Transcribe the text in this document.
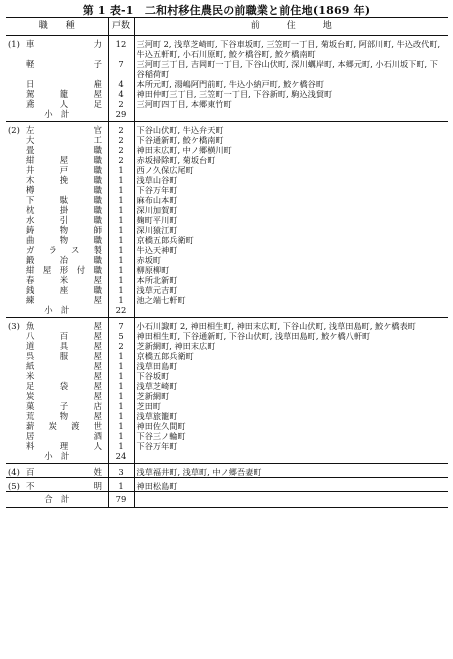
第 1 表-1　二和村移住農民の前職業と前住地(1869 年)
職　　種	戸数	前　　　住　　　地
(1) 車　　力	12	三河町 2, 浅草芝崎町, 下谷車坂町, 三笠町一丁目, 菊坂台町, 阿部川町, 牛込改代町, 牛込五軒町, 小石川原町, 鮫ケ橋谷町, 鮫ケ橋南町
軽　　子	7	三河町三丁目, 吉岡町一丁目, 下谷山伏町, 深川蠣岸町, 本郷元町, 小石川坂下町, 下谷稲荷町
日　　雇	4	本所元町, 湯嶋阿門前町, 牛込小納戸町, 鮫ケ橋谷町
駕　籠　屋	4	神田仲町三丁目, 三笠町一丁目, 下谷新町, 駒込浅貿町
鳶　人　足	2	三河町四丁目, 本郷東竹町
小　計	29	
(2) 左　　官	2	下谷山伏町, 牛込弁天町
大　　工	2	下谷通新町, 鮫ケ橋南町
畳　　職	2	神田末広町, 中ノ郷横川町
紺　屋　職	2	赤坂掃除町, 菊坂台町
井　戸　職	1	西ノ久保広尾町
木　挽　職	1	浅草山谷町
樽　　職	1	下谷万年町
下　駄　職	1	麻布山本町
枕　掛　職	1	深川加賀町
水　引　職	1	麹町平川町
鋳　物　師	1	深川猿江町
曲　物　職	1	京橋五郎兵衛町
ガラス製	1	牛込天神町
鍛　冶　職	1	赤坂町
紺屋形付職	1	柳原柳町
春　米　屋	1	本所北新町
銭　座　職	1	浅草元吉町
練　　屋	1	池之端七軒町
小　計	22	
(3) 魚　　屋	7	小石川諏町 2, 神田相生町, 神田末広町, 下谷山伏町, 浅草田島町, 鮫ケ橋表町
八　百　屋	5	神田相生町, 下谷通新町, 下谷山伏町, 浅草田島町, 鮫ケ橋八軒町
道　具　屋	2	芝新網町, 神田末広町
呉　服　屋	1	京橋五郎兵衛町
紙　　屋	1	浅草田島町
米　　屋	1	下谷坂町
足　袋　屋	1	浅草芝崎町
炭　　屋	1	芝新網町
菓　子　店	1	芝田町
荒　物　屋	1	浅草旅籠町
薪炭渡世	1	神田佐久間町
居　　酒	1	下谷三ノ輪町
料　理　人	1	下谷万年町
小　計	24	
(4) 百　　姓	3	浅草福井町, 浅草町, 中ノ郷吾妻町
(5) 不　　明	1	神田松島町
合　計	79	
